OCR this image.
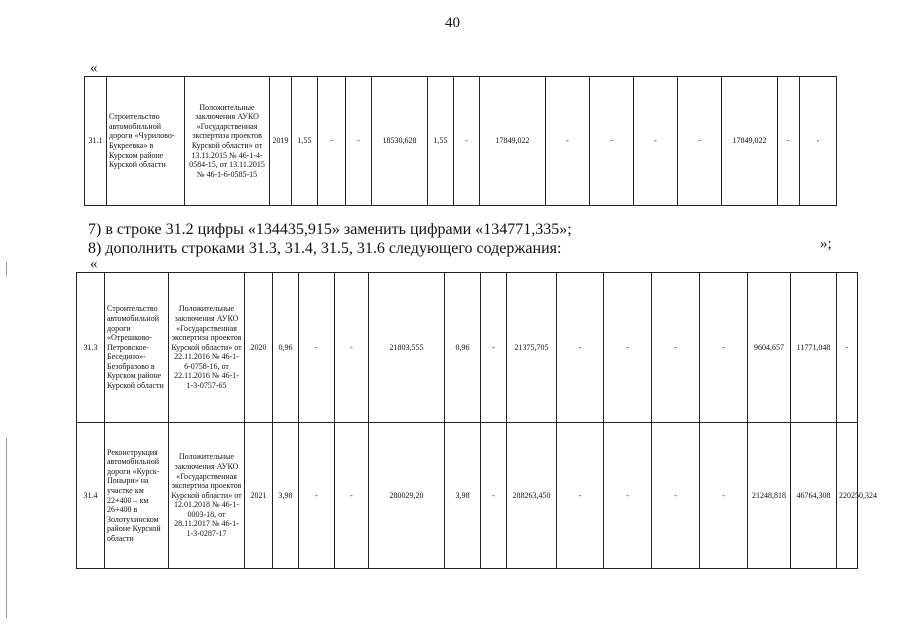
40
«
31.1	Строительство автомобильной дороги «Чурилово-Букреевка» в Курском районе Курской области	Положительные заключения АУКО «Государственная экспертиза проектов Курской области» от 13.11.2015 № 46-1-4-0584-15, от 13.11.2015 № 46-1-6-0585-15	2019	1,55	-	-	18530,628	1,55	-	17849,022	-	-	-	-	17849,022	-	-
»;
7) в строке 31.2 цифры «134435,915» заменить цифрами «134771,335»;
8) дополнить строками 31.3, 31.4, 31.5, 31.6 следующего содержания:
«
31.3	Строительство автомобильной дороги «Отрешково-Петровское-Беседино»-Безобразово в Курском районе Курской области	Положительные заключения АУКО «Государственная экспертиза проектов Курской области» от 22.11.2016 № 46-1-6-0758-16, от 22.11.2016 № 46-1-1-3-0757-65	2020	0,96	-	-	21803,555	0,96	-	21375,705	-	-	-	-	9604,657	11771,048	-
31.4	Реконструкция автомобильной дороги «Курск-Поныри» на участке км 22+400 – км 26+400 в Золотухинском районе Курской области	Положительные заключения АУКО «Государственная экспертиза проектов Курской области» от 12.01.2018 № 46-1-0003-18, от 28.11.2017 № 46-1-1-3-0287-17	2021	3,98	-	-	280029,20	3,98	-	288263,450	-	-	-	-	21248,818	46764,308	220250,324
